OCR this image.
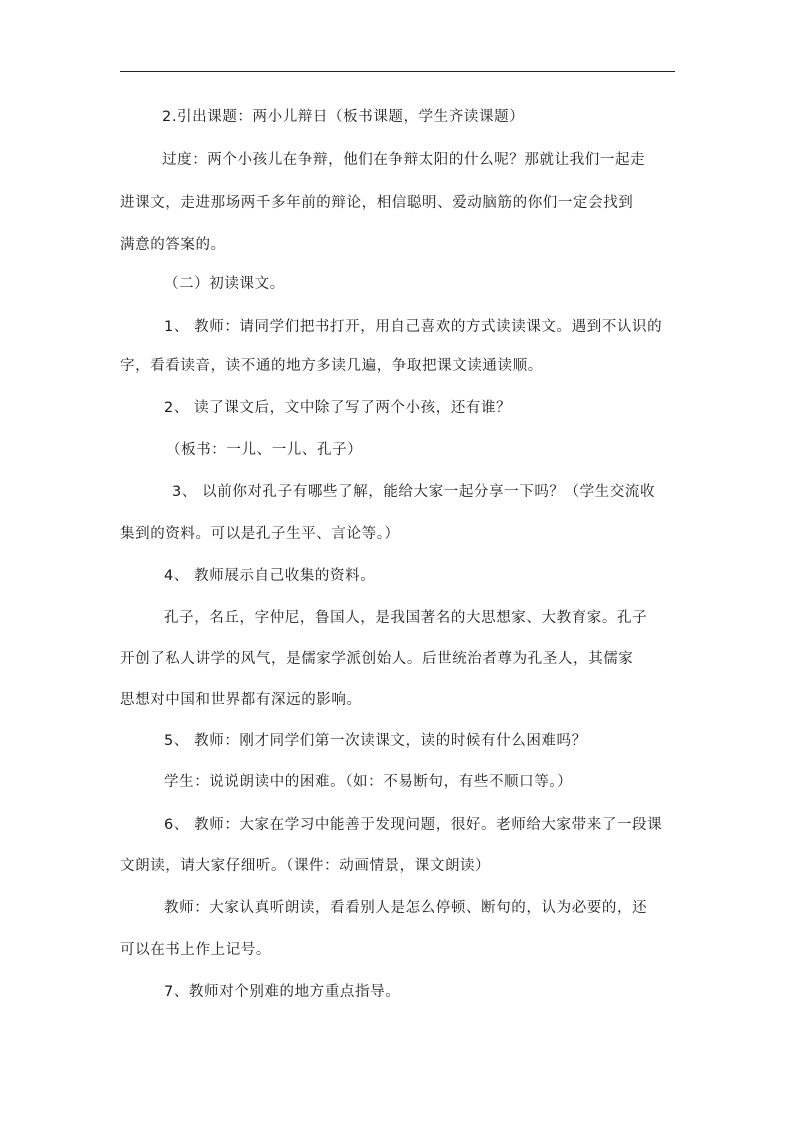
2.引出课题：两小儿辩日（板书课题，学生齐读课题）
过度：两个小孩儿在争辩，他们在争辩太阳的什么呢？那就让我们一起走
进课文，走进那场两千多年前的辩论，相信聪明、爱动脑筋的你们一定会找到
满意的答案的。
（二）初读课文。
1、 教师：请同学们把书打开，用自己喜欢的方式读读课文。遇到不认识的
字，看看读音，读不通的地方多读几遍，争取把课文读通读顺。
2、 读了课文后，文中除了写了两个小孩，还有谁？
（板书：一儿、一儿、孔子）
3、 以前你对孔子有哪些了解，能给大家一起分享一下吗？（学生交流收
集到的资料。可以是孔子生平、言论等。）
4、 教师展示自己收集的资料。
孔子，名丘，字仲尼，鲁国人，是我国著名的大思想家、大教育家。孔子
开创了私人讲学的风气，是儒家学派创始人。后世统治者尊为孔圣人，其儒家
思想对中国和世界都有深远的影响。
5、 教师：刚才同学们第一次读课文，读的时候有什么困难吗？
学生：说说朗读中的困难。（如：不易断句，有些不顺口等。）
6、 教师：大家在学习中能善于发现问题，很好。老师给大家带来了一段课
文朗读，请大家仔细听。（课件：动画情景，课文朗读）
教师：大家认真听朗读，看看别人是怎么停顿、断句的，认为必要的，还
可以在书上作上记号。
7、教师对个别难的地方重点指导。
